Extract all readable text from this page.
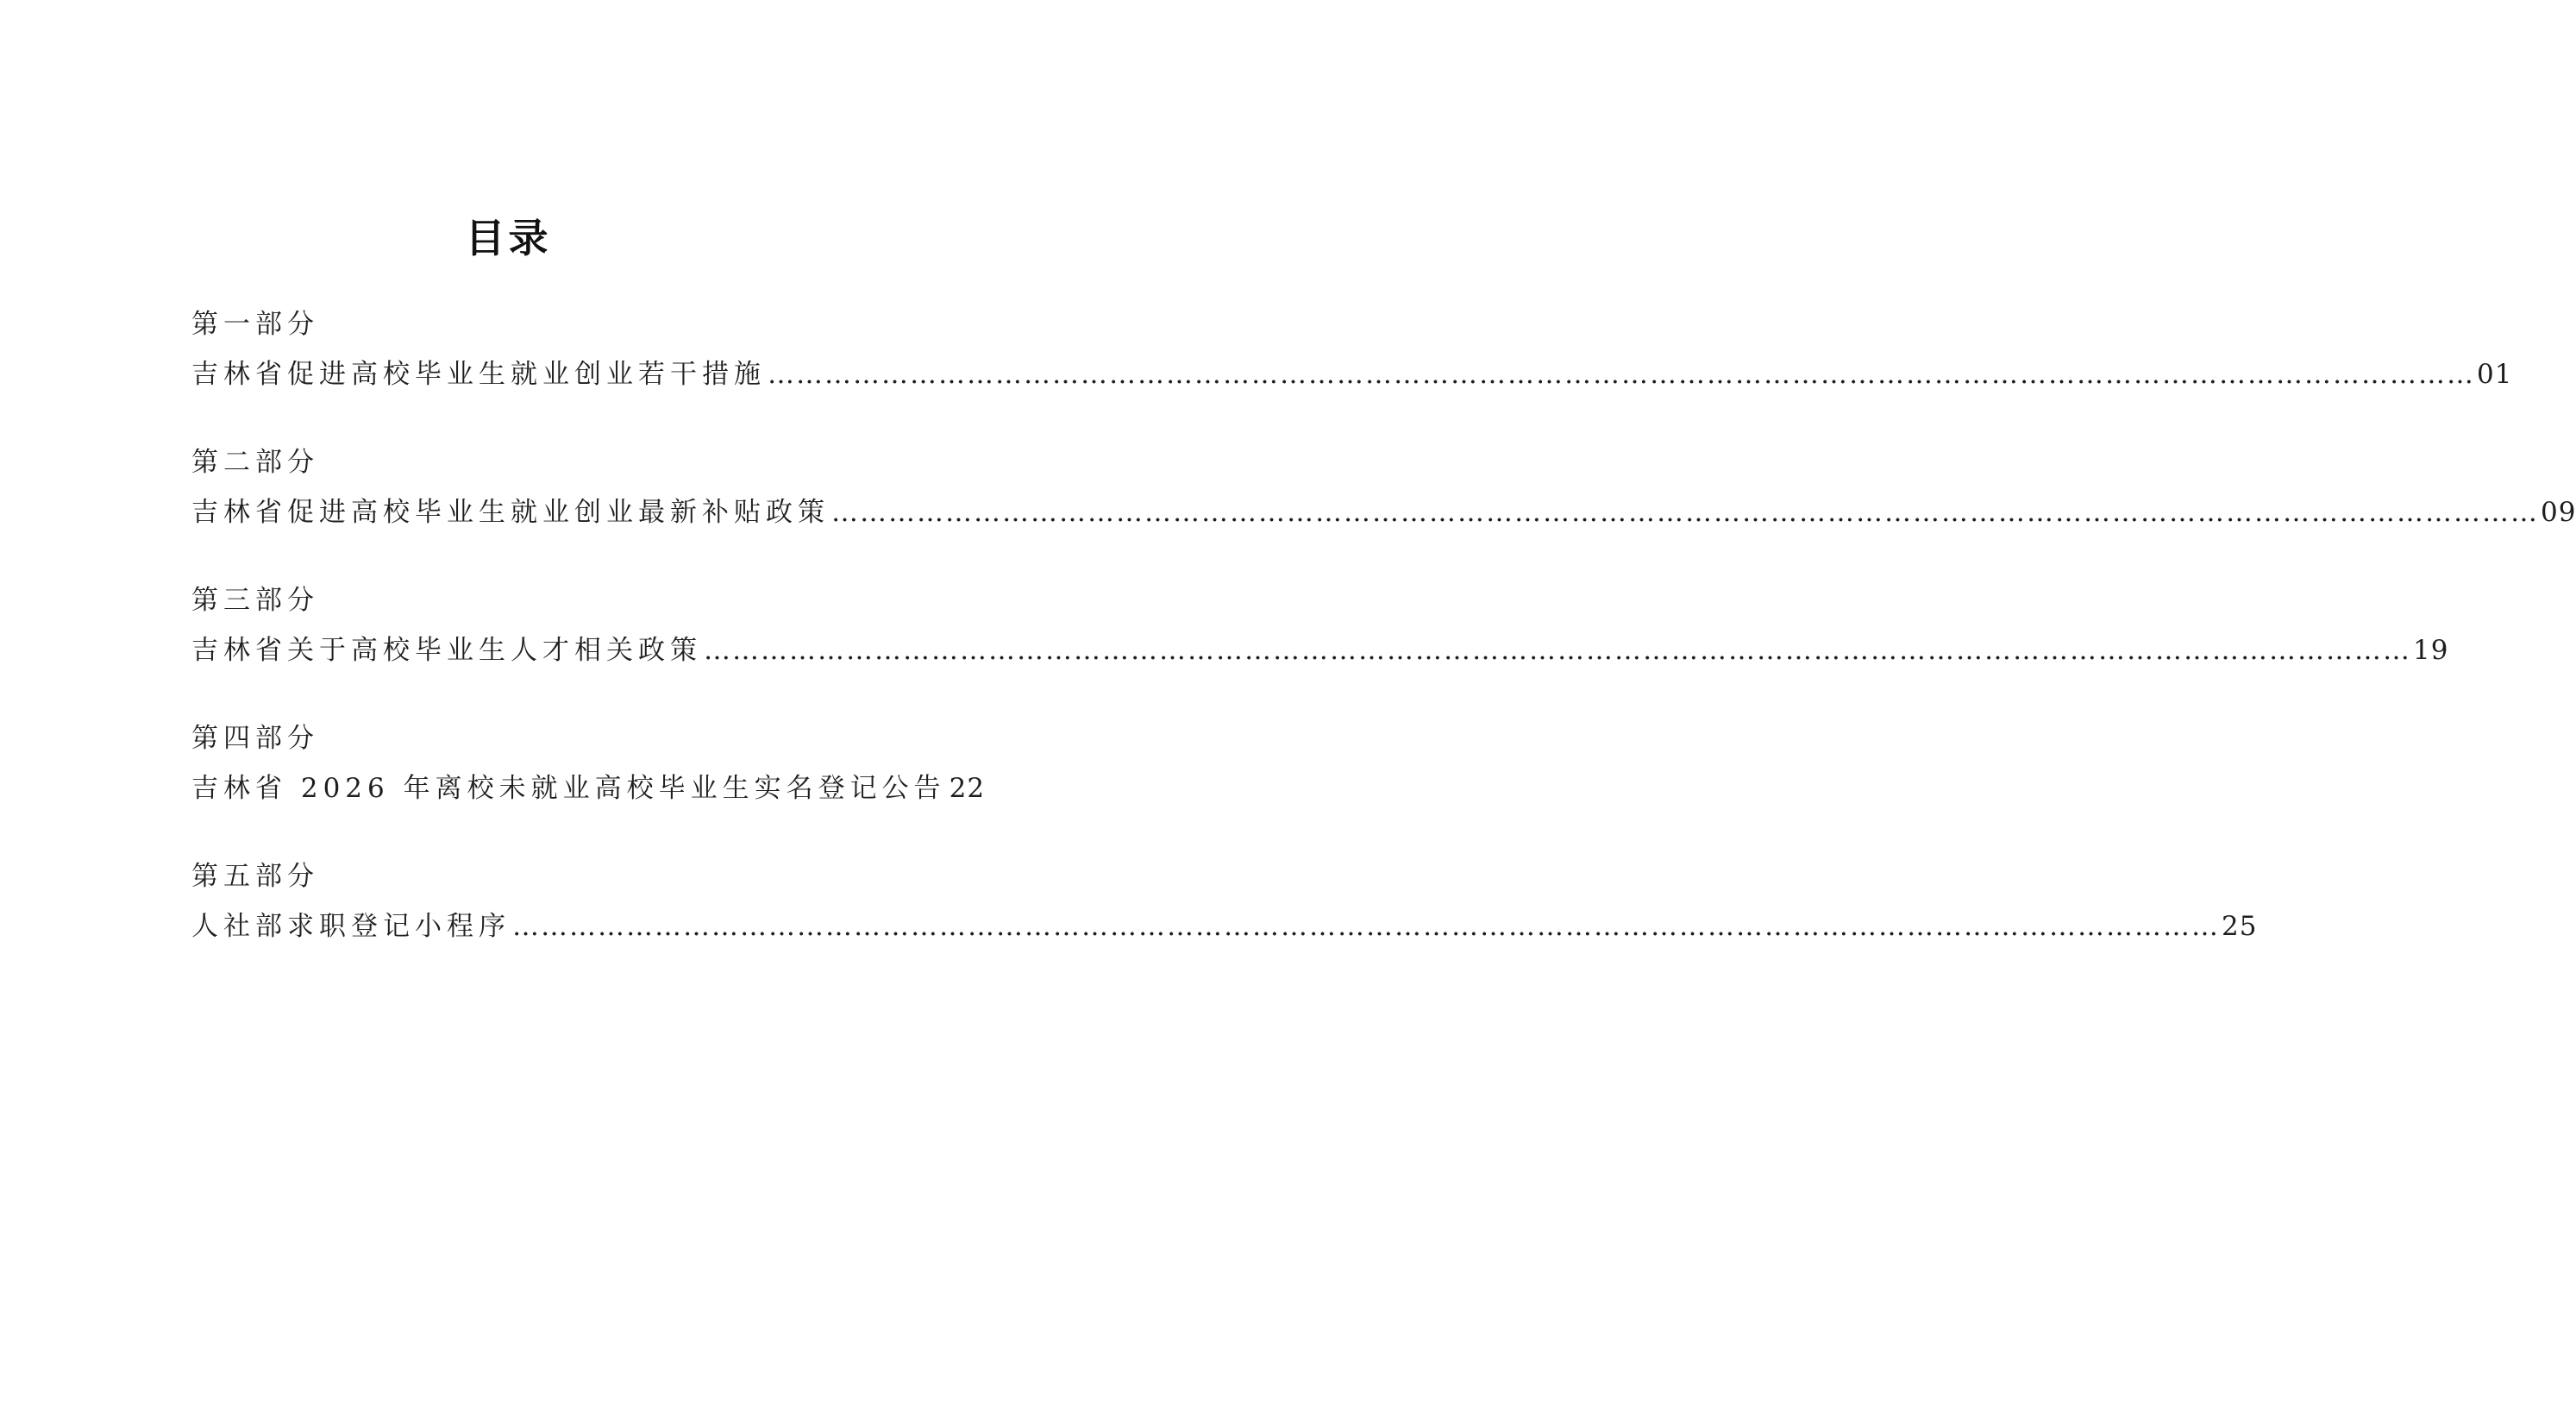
目录
第一部分
吉林省促进高校毕业生就业创业若干措施 ……………………………………………………………………………………………………………………………………………………………… 01
第二部分
吉林省促进高校毕业生就业创业最新补贴政策 ……………………………………………………………………………………………………………………………………………………………… 09
第三部分
吉林省关于高校毕业生人才相关政策 ……………………………………………………………………………………………………………………………………………………………… 19
第四部分
吉林省 2026 年离校未就业高校毕业生实名登记公告 22
第五部分
人社部求职登记小程序 ……………………………………………………………………………………………………………………………………………………………… 25
